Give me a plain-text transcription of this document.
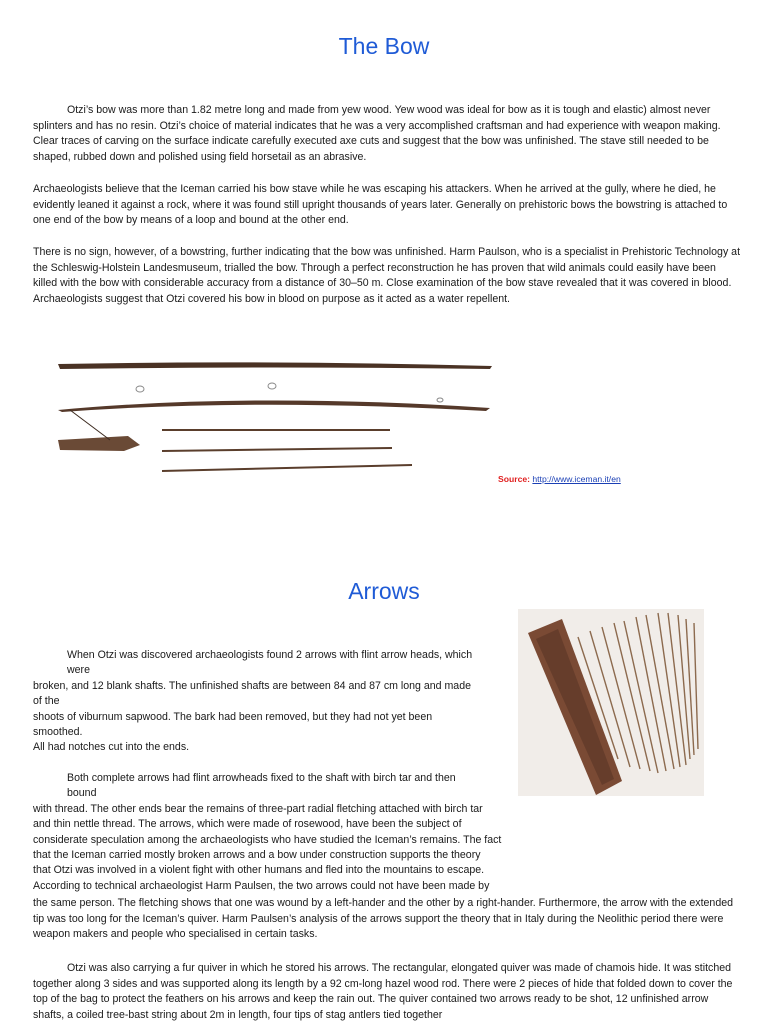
The Bow

Otzi’s bow was more than 1.82 metre long and made from yew wood. Yew wood was ideal for bow as it is tough and elastic) almost never splinters and has no resin. Otzi’s choice of material indicates that he was a very accomplished craftsman and had experience with weapon making. Clear traces of carving on the surface indicate carefully executed axe cuts and suggest that the bow was unfinished. The stave still needed to be shaped, rubbed down and polished using field horsetail as an abrasive.

Archaeologists believe that the Iceman carried his bow stave while he was escaping his attackers. When he arrived at the gully, where he died, he evidently leaned it against a rock, where it was found still upright thousands of years later. Generally on prehistoric bows the bowstring is attached to one end of the bow by means of a loop and bound at the other end.

There is no sign, however, of a bowstring, further indicating that the bow was unfinished. Harm Paulson, who is a specialist in Prehistoric Technology at the Schleswig-Holstein Landesmuseum, trialled the bow. Through a perfect reconstruction he has proven that wild animals could easily have been killed with the bow with considerable accuracy from a distance of 30–50 m. Close examination of the bow stave revealed that it was covered in blood. Archaeologists suggest that Otzi covered his bow in blood on purpose as it acted as a water repellent.

Source: http://www.iceman.it/en
Arrows
When Otzi was discovered archaeologists found 2 arrows with flint arrow heads, which
were
broken, and 12 blank shafts. The unfinished shafts are between 84 and 87 cm long and made
of the
shoots of viburnum sapwood. The bark had been removed, but they had not yet been
smoothed.
All had notches cut into the ends.
Both complete arrows had flint arrowheads fixed to the shaft with birch tar and then
bound
with thread. The other ends bear the remains of three-part radial fletching attached with birch tar
and thin nettle thread. The arrows, which were made of rosewood, have been the subject of
considerate speculation among the archaeologists who have studied the Iceman’s remains. The fact
that the Iceman carried mostly broken arrows and a bow under construction supports the theory
that Otzi was involved in a violent fight with other humans and fled into the mountains to escape.
According to technical archaeologist Harm Paulsen, the two arrows could not have been made by

the same person. The fletching shows that one was wound by a left-hander and the other by a right-hander. Furthermore, the arrow with the extended tip was too long for the Iceman’s quiver. Harm Paulsen’s analysis of the arrows support the theory that in Italy during the Neolithic period there were weapon makers and people who specialised in certain tasks.

Otzi was also carrying a fur quiver in which he stored his arrows. The rectangular, elongated quiver was made of chamois hide. It was stitched together along 3 sides and was supported along its length by a 92 cm-long hazel wood rod. There were 2 pieces of hide that folded down to cover the top of the bag to protect the feathers on his arrows and keep the rain out. The quiver contained two arrows ready to be shot, 12 unfinished arrow shafts, a coiled tree-bast string about 2m in length, four tips of stag antlers tied together
